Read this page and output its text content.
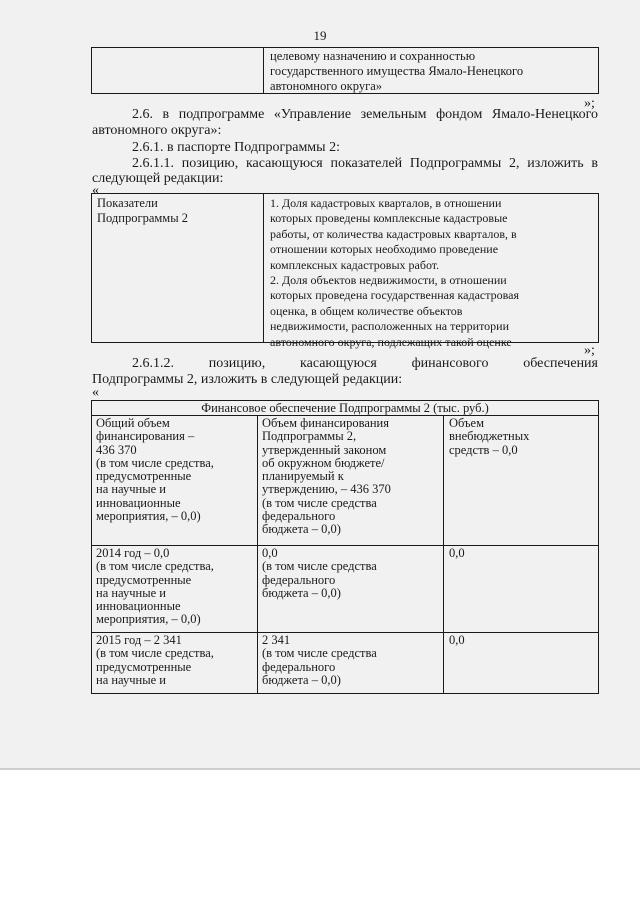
19
целевому назначению и сохранностью
государственного имущества Ямало-Ненецкого
автономного округа»
»;
2.6. в подпрограмме «Управление земельным фондом Ямало-Ненецкого
автономного округа»:
2.6.1. в паспорте Подпрограммы 2:
2.6.1.1. позицию, касающуюся показателей Подпрограммы 2, изложить в
следующей редакции:
«
Показатели
Подпрограммы 2
1. Доля кадастровых кварталов, в отношении
которых проведены комплексные кадастровые
работы, от количества кадастровых кварталов, в
отношении которых необходимо проведение
комплексных кадастровых работ.
2. Доля объектов недвижимости, в отношении
которых проведена государственная кадастровая
оценка, в общем количестве объектов
недвижимости, расположенных на территории
автономного округа, подлежащих такой оценке
»;
2.6.1.2. позицию, касающуюся финансового обеспечения
Подпрограммы 2, изложить в следующей редакции:
«
Финансовое обеспечение Подпрограммы 2 (тыс. руб.)
Общий объем
финансирования –
436 370
(в том числе средства,
предусмотренные
на научные и
инновационные
мероприятия, – 0,0)
Объем финансирования
Подпрограммы 2,
утвержденный законом
об окружном бюджете/
планируемый к
утверждению, – 436 370
(в том числе средства
федерального
бюджета – 0,0)
Объем
внебюджетных
средств – 0,0
2014 год – 0,0
(в том числе средства,
предусмотренные
на научные и
инновационные
мероприятия, – 0,0)
0,0
(в том числе средства
федерального
бюджета – 0,0)
0,0
2015 год – 2 341
(в том числе средства,
предусмотренные
на научные и
2 341
(в том числе средства
федерального
бюджета – 0,0)
0,0
